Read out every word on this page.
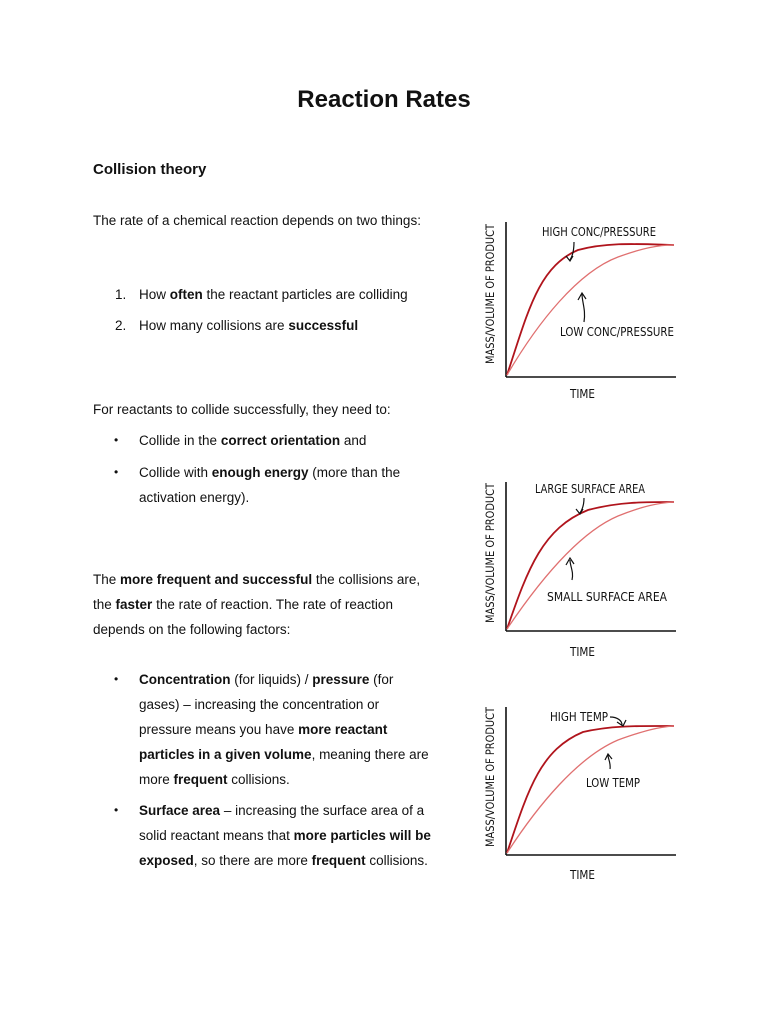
Reaction Rates
Collision theory

The rate of a chemical reaction depends on two things:

1. How often the reactant particles are colliding

2. How many collisions are successful

For reactants to collide successfully, they need to:

• Collide in the correct orientation and

• Collide with enough energy (more than the activation energy).

The more frequent and successful the collisions are, the faster the rate of reaction. The rate of reaction depends on the following factors:

• Concentration (for liquids) / pressure (for gases) – increasing the concentration or pressure means you have more reactant particles in a given volume, meaning there are more frequent collisions.

• Surface area – increasing the surface area of a solid reactant means that more particles will be exposed, so there are more frequent collisions.

MASS/VOLUME OF PRODUCT	HIGH CONC/PRESSURE
LOW CONC/PRESSURE
TIME
MASS/VOLUME OF PRODUCT	LARGE SURFACE AREA
SMALL SURFACE AREA
TIME
MASS/VOLUME OF PRODUCT	HIGH TEMP
LOW TEMP
TIME
